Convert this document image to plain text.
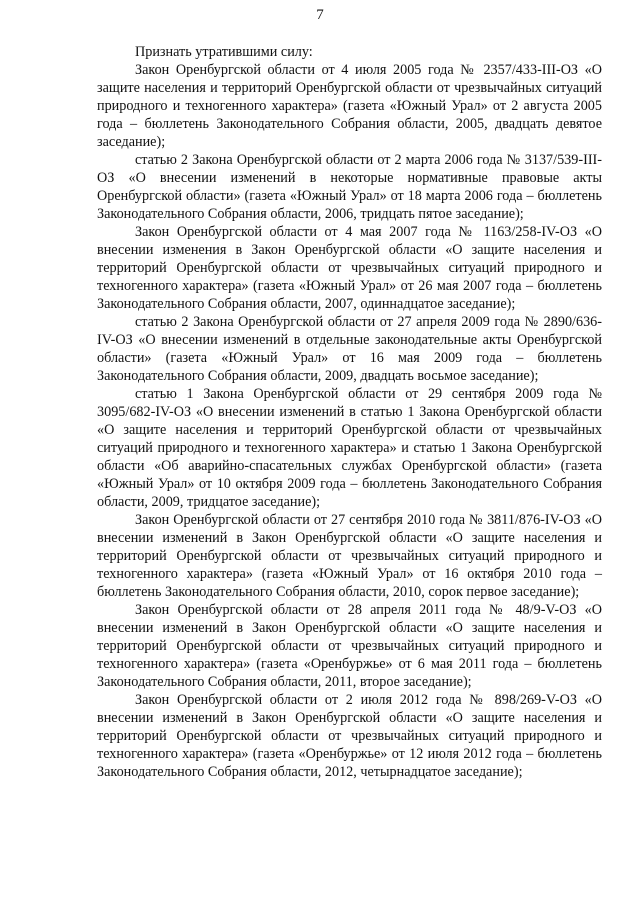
7

Признать утратившими силу:

Закон Оренбургской области от 4 июля 2005 года № 2357/433-III-ОЗ «О защите населения и территорий Оренбургской области от чрезвычайных ситуаций природного и техногенного характера» (газета «Южный Урал» от 2 августа 2005 года – бюллетень Законодательного Собрания области, 2005, двадцать девятое заседание);

статью 2 Закона Оренбургской области от 2 марта 2006 года № 3137/539-III-ОЗ «О внесении изменений в некоторые нормативные правовые акты Оренбургской области» (газета «Южный Урал» от 18 марта 2006 года – бюллетень Законодательного Собрания области, 2006, тридцать пятое заседание);

Закон Оренбургской области от 4 мая 2007 года № 1163/258-IV-ОЗ «О внесении изменения в Закон Оренбургской области «О защите населения и территорий Оренбургской области от чрезвычайных ситуаций природного и техногенного характера» (газета «Южный Урал» от 26 мая 2007 года – бюллетень Законодательного Собрания области, 2007, одиннадцатое заседание);

статью 2 Закона Оренбургской области от 27 апреля 2009 года № 2890/636-IV-ОЗ «О внесении изменений в отдельные законодательные акты Оренбургской области» (газета «Южный Урал» от 16 мая 2009 года – бюллетень Законодательного Собрания области, 2009, двадцать восьмое заседание);

статью 1 Закона Оренбургской области от 29 сентября 2009 года № 3095/682-IV-ОЗ «О внесении изменений в статью 1 Закона Оренбургской области «О защите населения и территорий Оренбургской области от чрезвычайных ситуаций природного и техногенного характера» и статью 1 Закона Оренбургской области «Об аварийно-спасательных службах Оренбургской области» (газета «Южный Урал» от 10 октября 2009 года – бюллетень Законодательного Собрания области, 2009, тридцатое заседание);

Закон Оренбургской области от 27 сентября 2010 года № 3811/876-IV-ОЗ «О внесении изменений в Закон Оренбургской области «О защите населения и территорий Оренбургской области от чрезвычайных ситуаций природного и техногенного характера» (газета «Южный Урал» от 16 октября 2010 года – бюллетень Законодательного Собрания области, 2010, сорок первое заседание);

Закон Оренбургской области от 28 апреля 2011 года № 48/9-V-ОЗ «О внесении изменений в Закон Оренбургской области «О защите населения и территорий Оренбургской области от чрезвычайных ситуаций природного и техногенного характера» (газета «Оренбуржье» от 6 мая 2011 года – бюллетень Законодательного Собрания области, 2011, второе заседание);

Закон Оренбургской области от 2 июля 2012 года № 898/269-V-ОЗ «О внесении изменений в Закон Оренбургской области «О защите населения и территорий Оренбургской области от чрезвычайных ситуаций природного и техногенного характера» (газета «Оренбуржье» от 12 июля 2012 года – бюллетень Законодательного Собрания области, 2012, четырнадцатое заседание);
